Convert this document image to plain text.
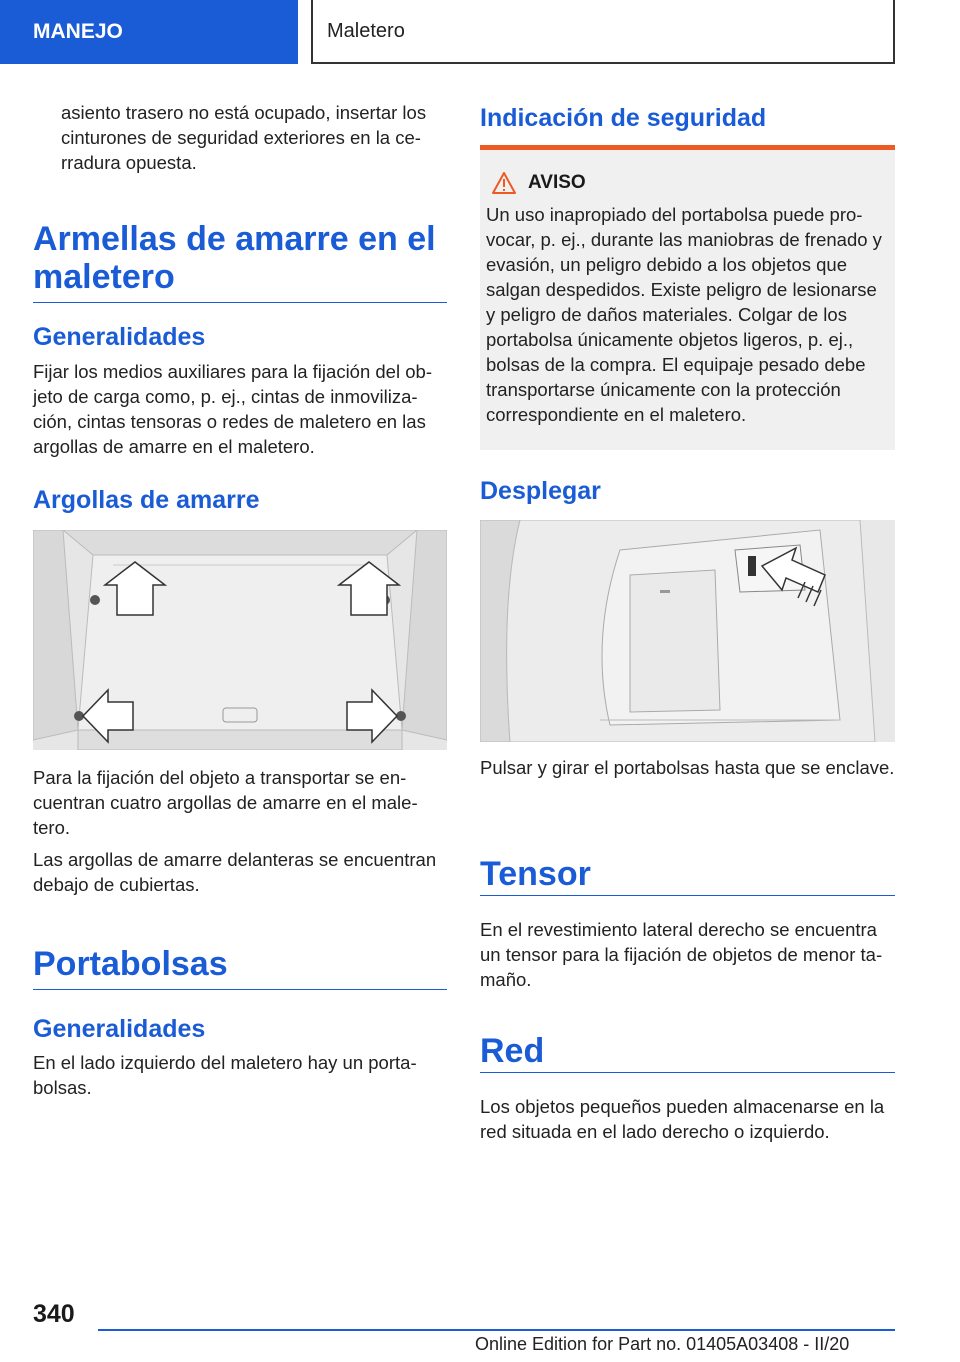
MANEJO	Maletero

asiento trasero no está ocupado, insertar los cinturones de seguridad exteriores en la cerradura opuesta.

Armellas de amarre en el maletero
Generalidades

Fijar los medios auxiliares para la fijación del objeto de carga como, p. ej., cintas de inmovilización, cintas tensoras o redes de maletero en las argollas de amarre en el maletero.

Argollas de amarre

Para la fijación del objeto a transportar se encuentran cuatro argollas de amarre en el maletero.

Las argollas de amarre delanteras se encuentran debajo de cubiertas.

Portabolsas
Generalidades

En el lado izquierdo del maletero hay un portabolsas.

Indicación de seguridad
AVISO

Un uso inapropiado del portabolsa puede provocar, p. ej., durante las maniobras de frenado y evasión, un peligro debido a los objetos que salgan despedidos. Existe peligro de lesionarse y peligro de daños materiales. Colgar de los portabolsa únicamente objetos ligeros, p. ej., bolsas de la compra. El equipaje pesado debe transportarse únicamente con la protección correspondiente en el maletero.

Desplegar

Pulsar y girar el portabolsas hasta que se enclave.

Tensor

En el revestimiento lateral derecho se encuentra un tensor para la fijación de objetos de menor tamaño.

Red

Los objetos pequeños pueden almacenarse en la red situada en el lado derecho o izquierdo.

340
Online Edition for Part no. 01405A03408 - II/20
